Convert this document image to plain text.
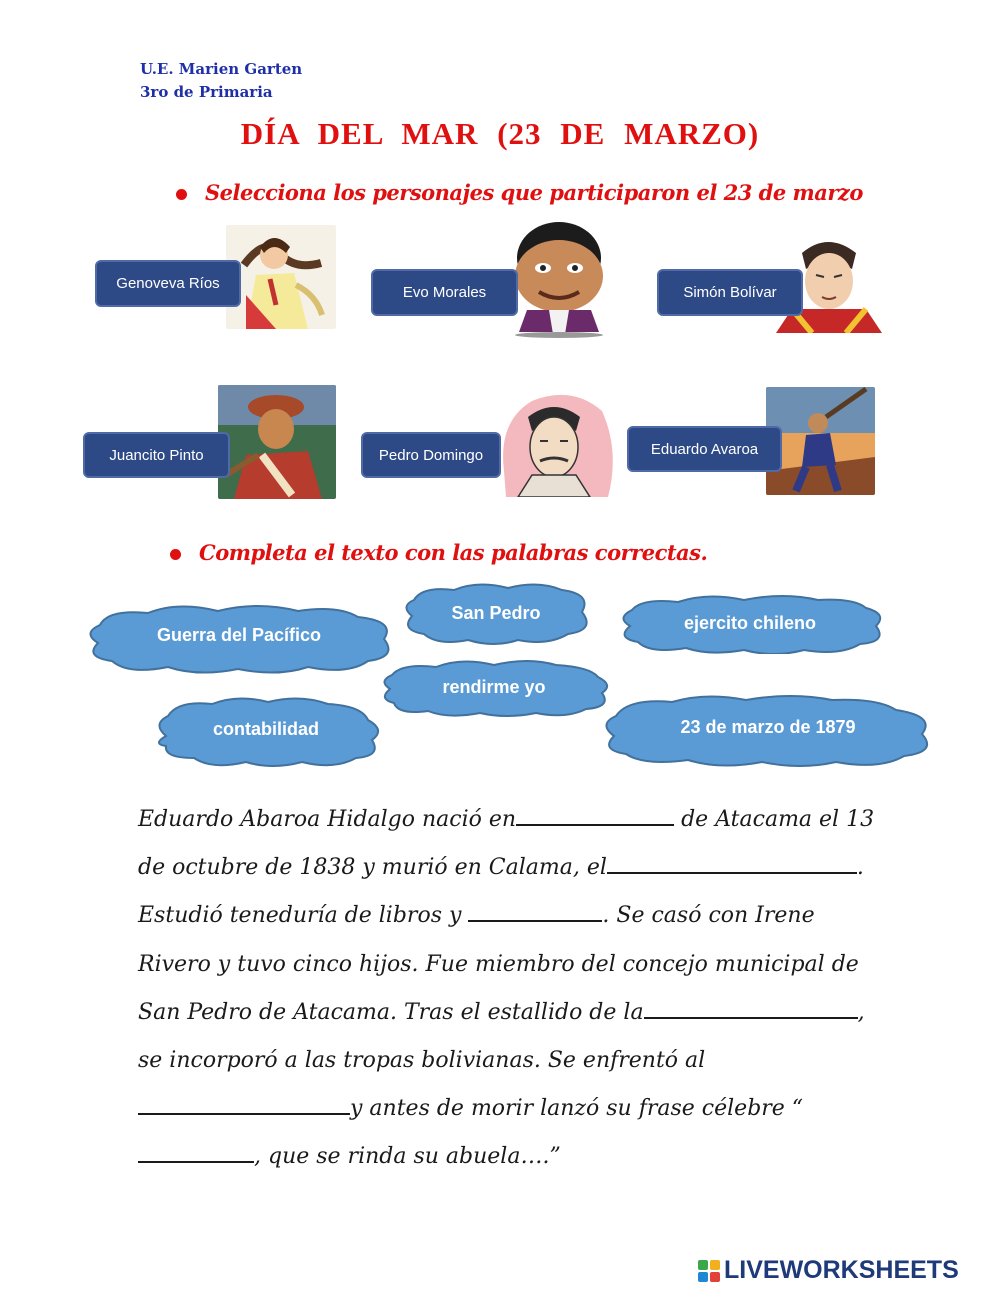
U.E. Marien Garten
3ro de Primaria
DÍA DEL MAR (23 DE MARZO)
Selecciona los personajes que participaron el 23 de marzo
Genoveva Ríos
Evo Morales	Simón Bolívar
Juancito Pinto	Pedro Domingo	Eduardo Avaroa
Completa el texto con las palabras correctas.
Guerra del Pacífico
San Pedro	ejercito chileno
rendirme yo
contabilidad	23 de marzo de 1879
Eduardo Abaroa Hidalgo nació en	de Atacama el 13 de octubre de 1838 y murió en Calama, el	. Estudió teneduría de libros y	. Se casó con Irene Rivero y tuvo cinco hijos. Fue miembro del concejo municipal de San Pedro de Atacama. Tras el estallido de la	, se incorporó a las tropas bolivianas. Se enfrentó al y antes de morir lanzó su frase célebre “, que se rinda su abuela….”
LIVEWORKSHEETS
